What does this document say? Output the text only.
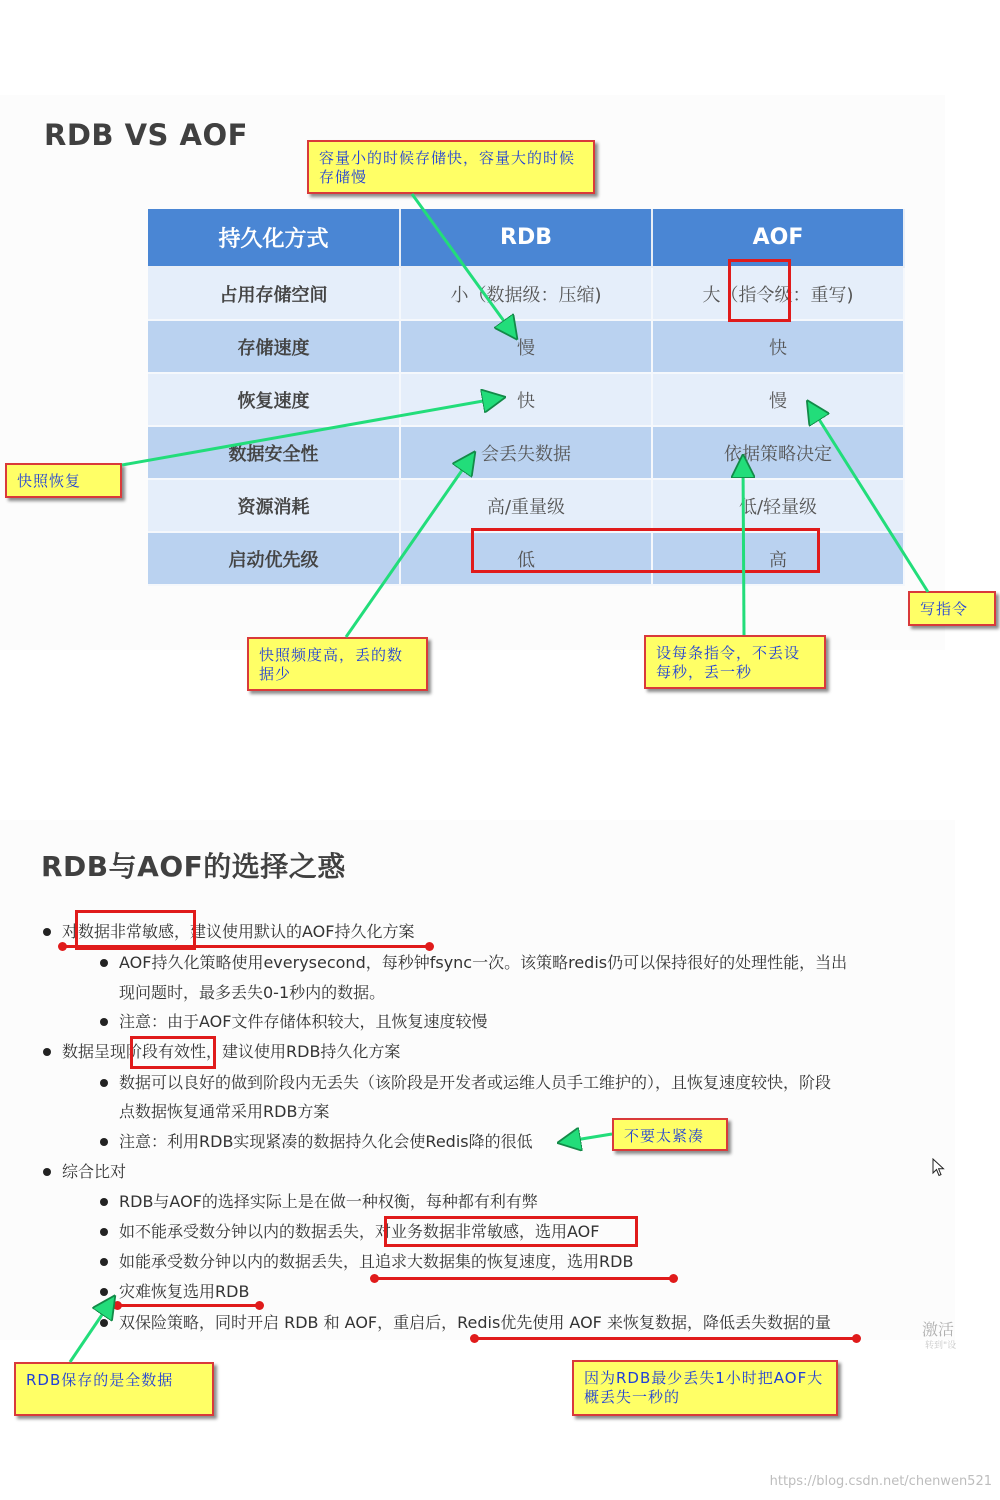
RDB VS AOF
持久化方式	RDB	AOF
占用存储空间	小（数据级：压缩)	大（指令级：重写)
存储速度	慢	快
恢复速度	快	慢
数据安全性	会丢失数据	依据策略决定
资源消耗	高/重量级	低/轻量级
启动优先级	低	高
容量小的时候存储快，容量大的时候存储慢
快照恢复
写指令
快照频度高，丢的数据少
设每条指令，不丢设每秒，丢一秒
RDB与AOF的选择之惑
对数据非常敏感，建议使用默认的AOF持久化方案
AOF持久化策略使用everysecond，每秒钟fsync一次。该策略redis仍可以保持很好的处理性能，当出
现问题时，最多丢失0-1秒内的数据。
注意：由于AOF文件存储体积较大，且恢复速度较慢
数据呈现阶段有效性，建议使用RDB持久化方案
数据可以良好的做到阶段内无丢失（该阶段是开发者或运维人员手工维护的），且恢复速度较快，阶段
点数据恢复通常采用RDB方案
注意：利用RDB实现紧凑的数据持久化会使Redis降的很低
综合比对
RDB与AOF的选择实际上是在做一种权衡，每种都有利有弊
如不能承受数分钟以内的数据丢失，对业务数据非常敏感，选用AOF
如能承受数分钟以内的数据丢失，且追求大数据集的恢复速度，选用RDB
灾难恢复选用RDB
双保险策略，同时开启 RDB 和 AOF，重启后，Redis优先使用 AOF 来恢复数据，降低丢失数据的量
不要太紧凑
RDB保存的是全数据	因为RDB最少丢失1小时把AOF大概丢失一秒的
激活
转到"设
https://blog.csdn.net/chenwen521
